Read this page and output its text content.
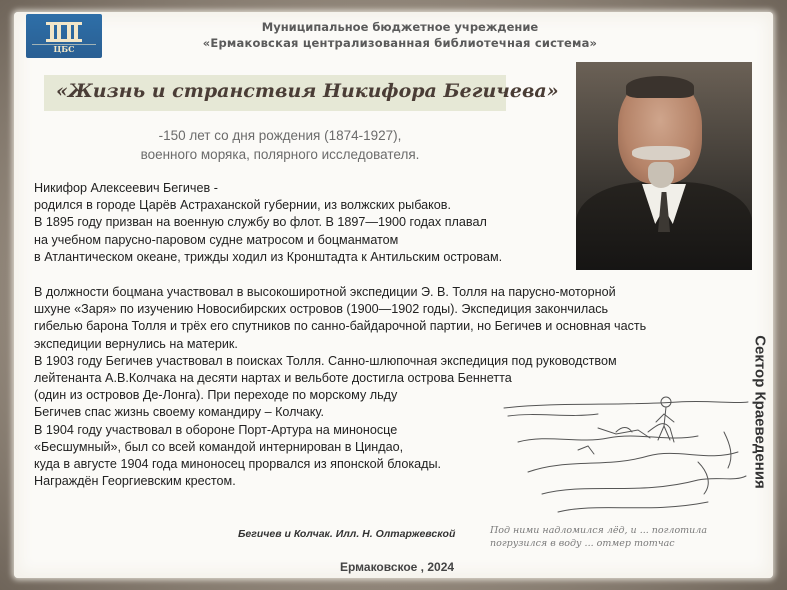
ЦБС
Муниципальное бюджетное учреждение
«Ермаковская централизованная библиотечная система»
«Жизнь и странствия Никифора Бегичева»
-150 лет со дня рождения (1874-1927),
военного моряка, полярного исследователя.
Никифор Алексеевич Бегичев -
родился в городе Царёв Астраханской губернии, из волжских рыбаков.
В 1895 году призван на военную службу во флот. В 1897—1900 годах плавал
на учебном парусно-паровом судне матросом и боцманматом
в Атлантическом океане, трижды ходил из Кронштадта к Антильским островам.
В должности боцмана участвовал в высокоширотной экспедиции Э. В. Толля на парусно-моторной
шхуне «Заря» по изучению Новосибирских островов (1900—1902 годы). Экспедиция закончилась
гибелью барона Толля и трёх его спутников по санно-байдарочной партии, но Бегичев и основная часть
экспедиции вернулись на материк.
В 1903 году Бегичев участвовал в поисках Толля. Санно-шлюпочная экспедиция под руководством
лейтенанта А.В.Колчака на десяти нартах и вельботе достигла острова Беннетта
(один из островов Де-Лонга). При переходе по морскому льду
Бегичев спас жизнь своему командиру – Колчаку.
В 1904 году участвовал в обороне Порт-Артура на миноносце
«Бесшумный», был со всей командой интернирован в Циндао,
куда в августе 1904 года миноносец прорвался из японской блокады.
Награждён Георгиевским крестом.	Сектор Краеведения
Бегичев и Колчак. Илл. Н. Олтаржевской	Под ними надломился лёд, и ... поглотила
погрузился в воду ... отмер тотчас
Ермаковское , 2024
